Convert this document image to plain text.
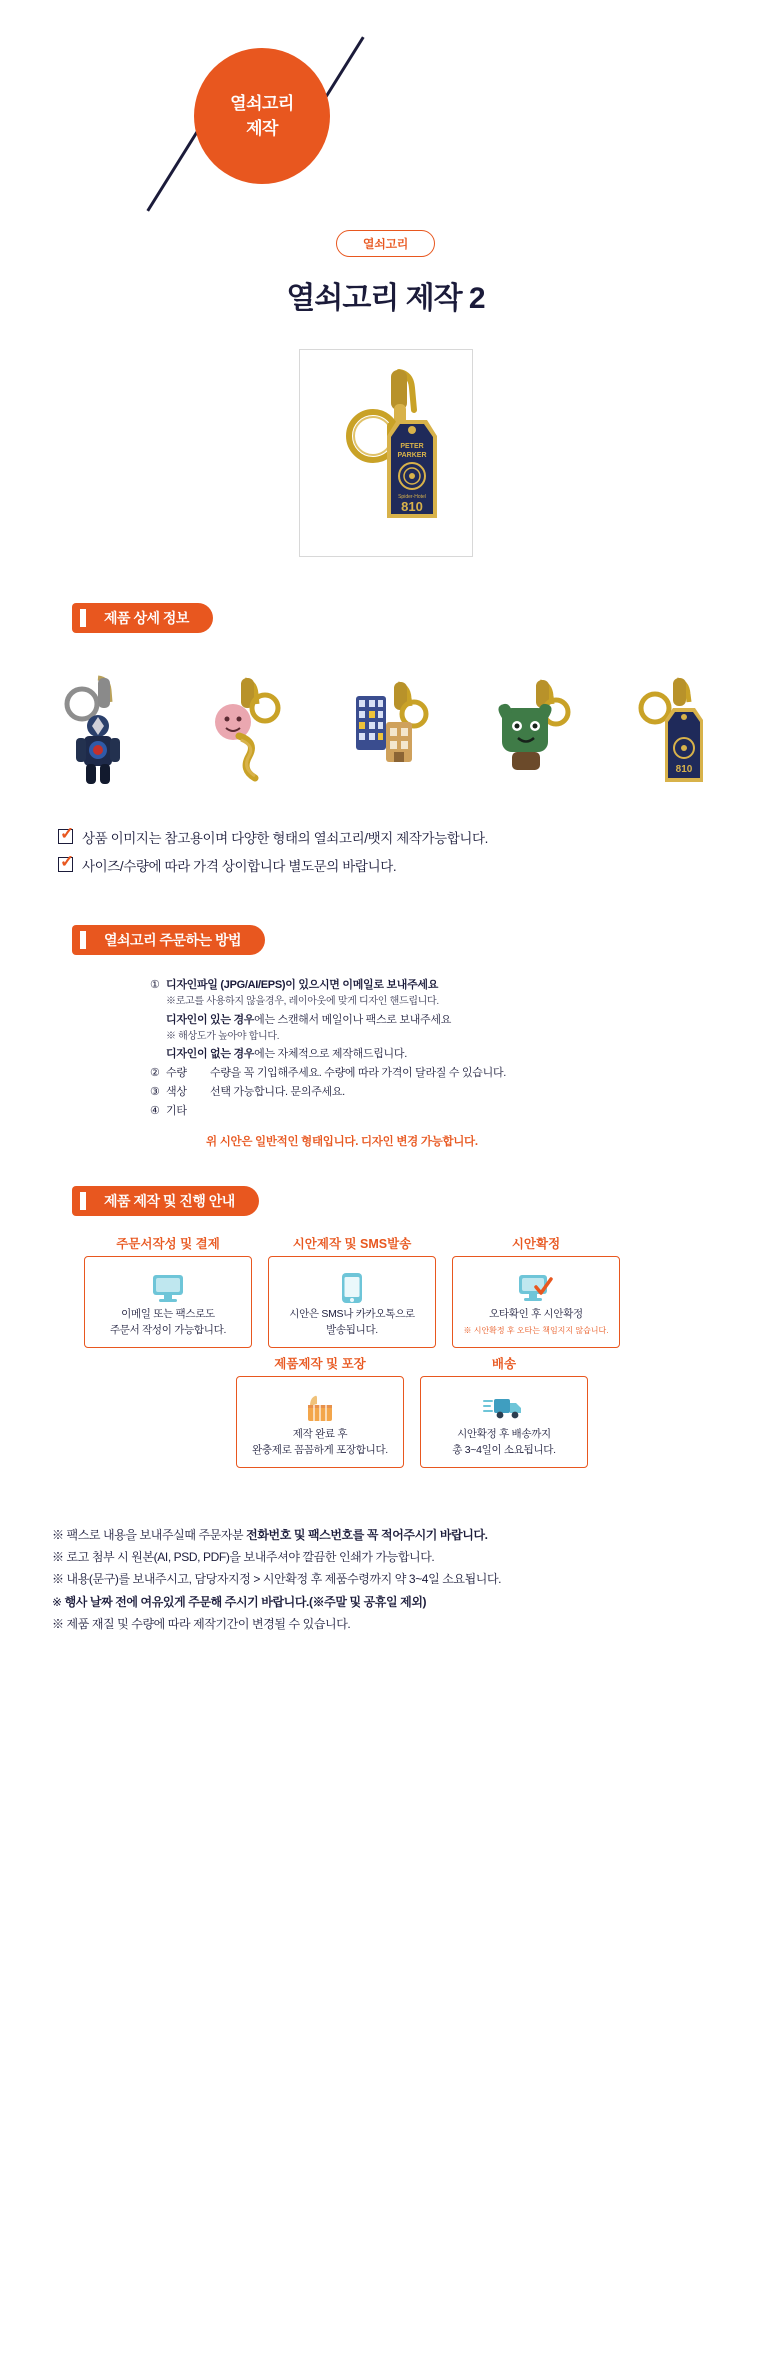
열쇠고리
제작
열쇠고리
열쇠고리 제작 2
PETER
PARKER
Spider-Hotel
810
제품 상세 정보
810
✓ 상품 이미지는 참고용이며 다양한 형태의 열쇠고리/뱃지 제작가능합니다.
✓ 사이즈/수량에 따라 가격 상이합니다 별도문의 바랍니다.
열쇠고리 주문하는 방법
① 디자인파일 (JPG/AI/EPS)이 있으시면 이메일로 보내주세요
※로고를 사용하지 않을경우, 레이아웃에 맞게 디자인 핸드립니다.
디자인이 있는 경우에는 스캔해서 메일이나 팩스로 보내주세요
※ 해상도가 높아야 합니다.
디자인이 없는 경우에는 자체적으로 제작해드립니다.
② 수량	수량을 꼭 기입해주세요. 수량에 따라 가격이 달라질 수 있습니다.
③ 색상	선택 가능합니다. 문의주세요.
④ 기타
위 시안은 일반적인 형태입니다. 디자인 변경 가능합니다.
제품 제작 및 진행 안내
주문서작성 및 결제
이메일 또는 팩스로도
주문서 작성이 가능합니다.
시안제작 및 SMS발송
시안은 SMS나 카카오톡으로
발송됩니다.
시안확정
오타확인 후 시안확정
※ 시안확정 후 오타는 책임지지 않습니다.
제품제작 및 포장
제작 완료 후
완충제로 꼼꼼하게 포장합니다.
배송
시안확정 후 배송까지
총 3~4일이 소요됩니다.
※ 팩스로 내용을 보내주실때 주문자분 전화번호 및 팩스번호를 꼭 적어주시기 바랍니다.
※ 로고 첨부 시 원본(AI, PSD, PDF)을 보내주셔야 깔끔한 인쇄가 가능합니다.
※ 내용(문구)를 보내주시고, 담당자지정 > 시안확정 후 제품수령까지 약 3~4일 소요됩니다.
※ 행사 날짜 전에 여유있게 주문해 주시기 바랍니다.(※주말 및 공휴일 제외)
※ 제품 재질 및 수량에 따라 제작기간이 변경될 수 있습니다.
